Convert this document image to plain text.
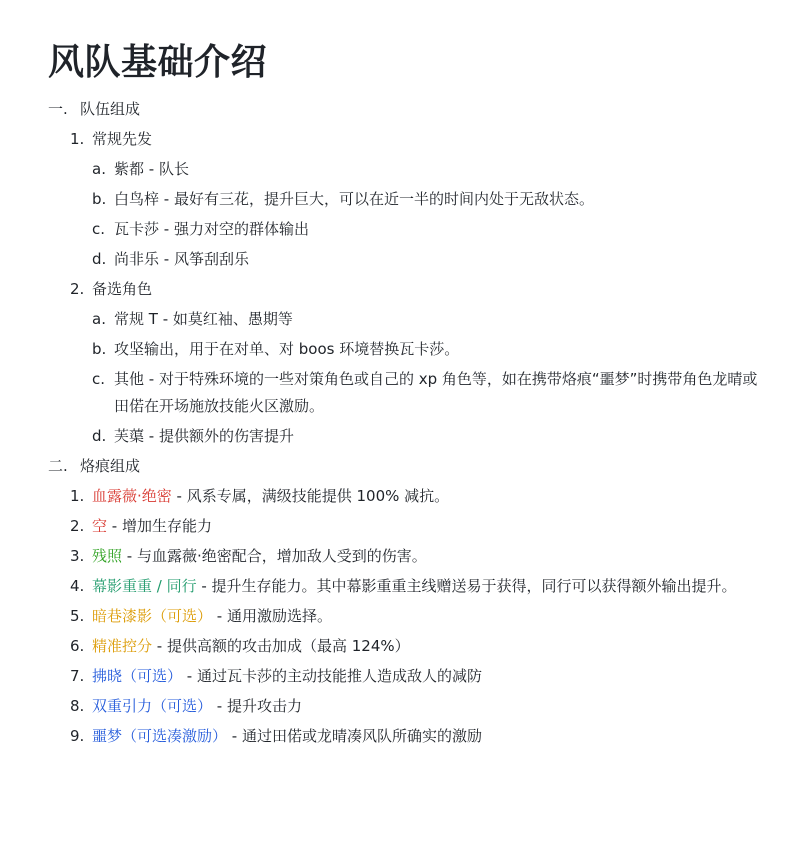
风队基础介绍
一. 队伍组成
1. 常规先发
a. 紫都 - 队长
b. 白鸟梓 - 最好有三花，提升巨大，可以在近一半的时间内处于无敌状态。
c. 瓦卡莎 - 强力对空的群体输出
d. 尚非乐 - 风筝刮刮乐
2. 备选角色
a. 常规 T - 如莫红袖、愚期等
b. 攻坚输出，用于在对单、对 boos 环境替换瓦卡莎。
c. 其他 - 对于特殊环境的一些对策角色或自己的 xp 角色等，如在携带烙痕“噩梦”时携带角色龙晴或田偌在开场施放技能火区激励。
d. 芙蕖 - 提供额外的伤害提升
二. 烙痕组成
1. 血露薇·绝密 - 风系专属，满级技能提供 100% 减抗。
2. 空 - 增加生存能力
3. 残照 - 与血露薇·绝密配合，增加敌人受到的伤害。
4. 幕影重重 / 同行 - 提升生存能力。其中幕影重重主线赠送易于获得，同行可以获得额外输出提升。
5. 暗巷漆影（可选） - 通用激励选择。
6. 精准控分 - 提供高额的攻击加成（最高 124%）
7. 拂晓（可选） - 通过瓦卡莎的主动技能推人造成敌人的减防
8. 双重引力（可选） - 提升攻击力
9. 噩梦（可选凑激励） - 通过田偌或龙晴凑风队所确实的激励
